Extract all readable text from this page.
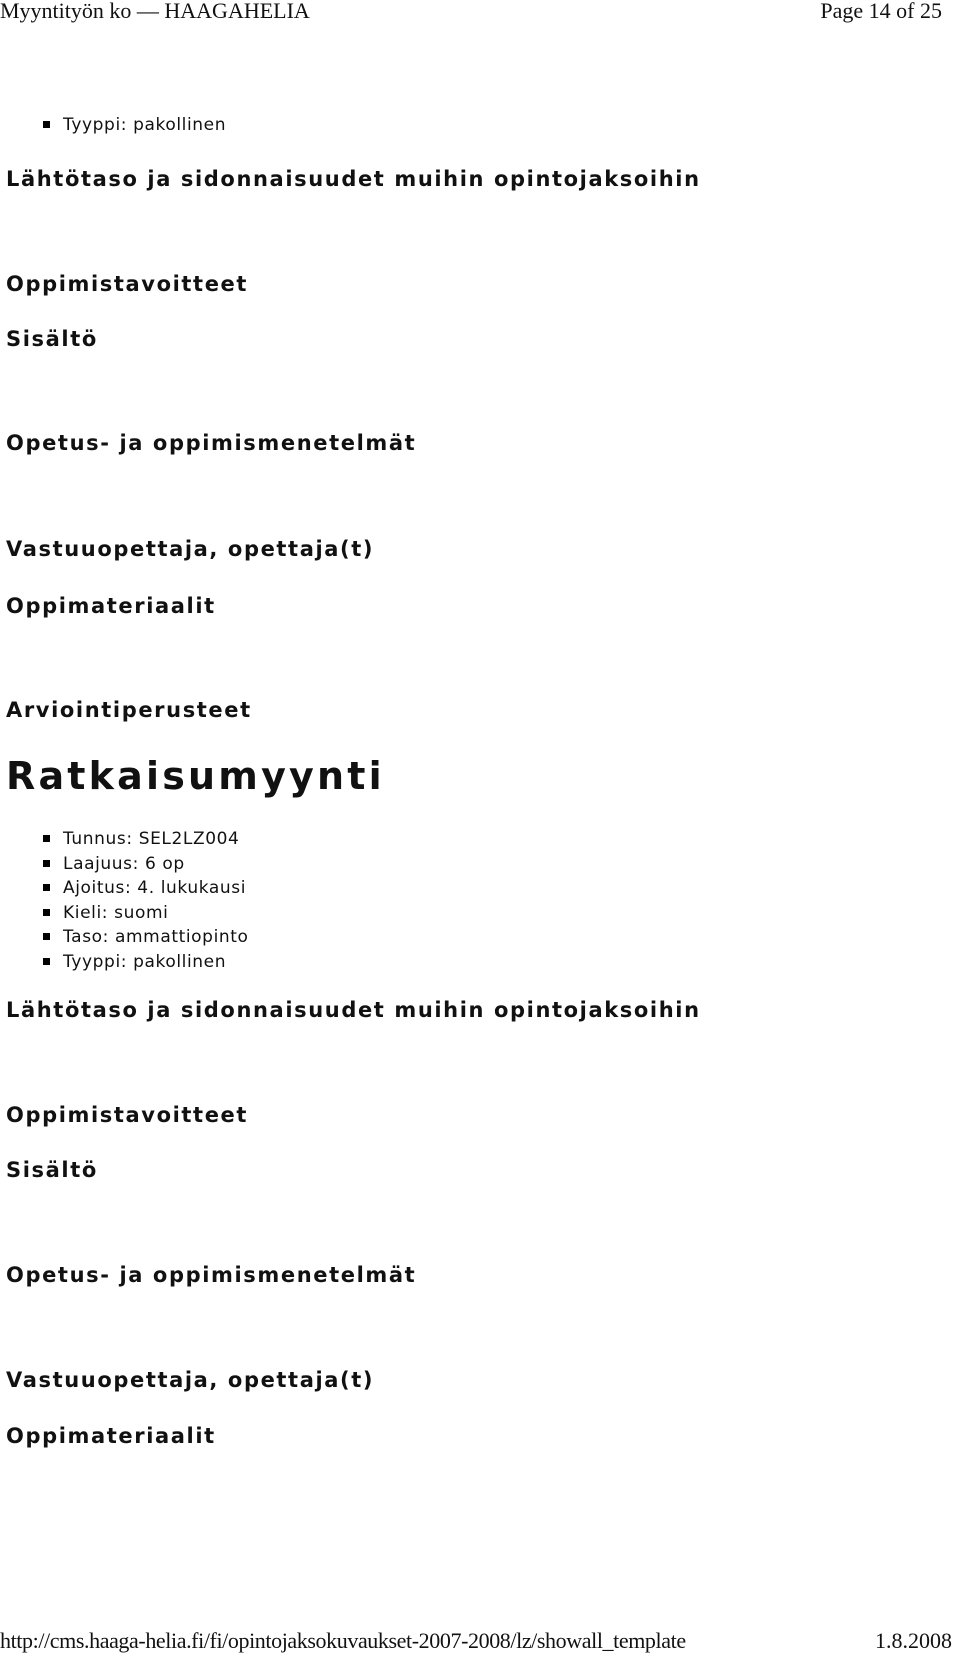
Myyntityön ko — HAAGAHELIA	Page 14 of 25
Tyyppi: pakollinen
Lähtötaso ja sidonnaisuudet muihin opintojaksoihin
Oppimistavoitteet
Sisältö
Opetus- ja oppimismenetelmät
Vastuuopettaja, opettaja(t)
Oppimateriaalit
Arviointiperusteet
Ratkaisumyynti
Tunnus: SEL2LZ004
Laajuus: 6 op
Ajoitus: 4. lukukausi
Kieli: suomi
Taso: ammattiopinto
Tyyppi: pakollinen
Lähtötaso ja sidonnaisuudet muihin opintojaksoihin
Oppimistavoitteet
Sisältö
Opetus- ja oppimismenetelmät
Vastuuopettaja, opettaja(t)
Oppimateriaalit
http://cms.haaga-helia.fi/fi/opintojaksokuvaukset-2007-2008/lz/showall_template	1.8.2008
